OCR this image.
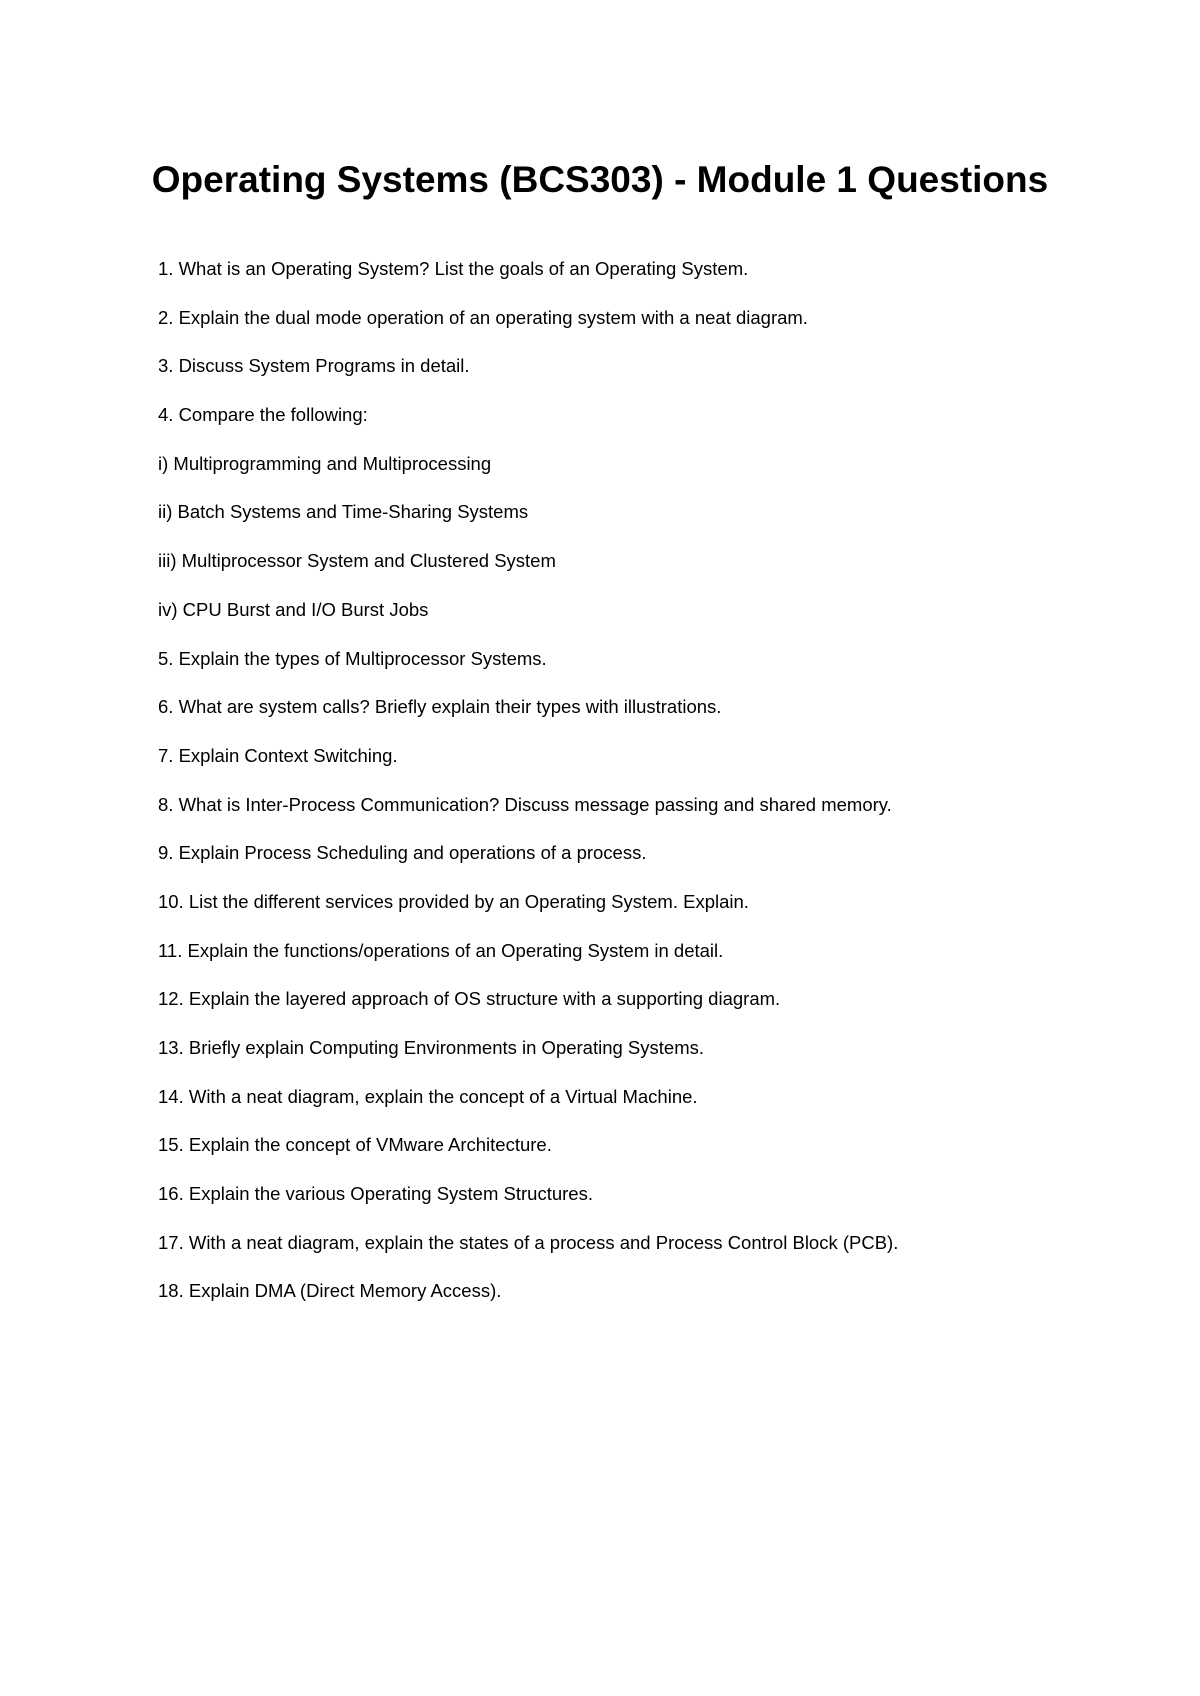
Operating Systems (BCS303) - Module 1 Questions
1. What is an Operating System? List the goals of an Operating System.
2. Explain the dual mode operation of an operating system with a neat diagram.
3. Discuss System Programs in detail.
4. Compare the following:
i) Multiprogramming and Multiprocessing
ii) Batch Systems and Time-Sharing Systems
iii) Multiprocessor System and Clustered System
iv) CPU Burst and I/O Burst Jobs
5. Explain the types of Multiprocessor Systems.
6. What are system calls? Briefly explain their types with illustrations.
7. Explain Context Switching.
8. What is Inter-Process Communication? Discuss message passing and shared memory.
9. Explain Process Scheduling and operations of a process.
10. List the different services provided by an Operating System. Explain.
11. Explain the functions/operations of an Operating System in detail.
12. Explain the layered approach of OS structure with a supporting diagram.
13. Briefly explain Computing Environments in Operating Systems.
14. With a neat diagram, explain the concept of a Virtual Machine.
15. Explain the concept of VMware Architecture.
16. Explain the various Operating System Structures.
17. With a neat diagram, explain the states of a process and Process Control Block (PCB).
18. Explain DMA (Direct Memory Access).
